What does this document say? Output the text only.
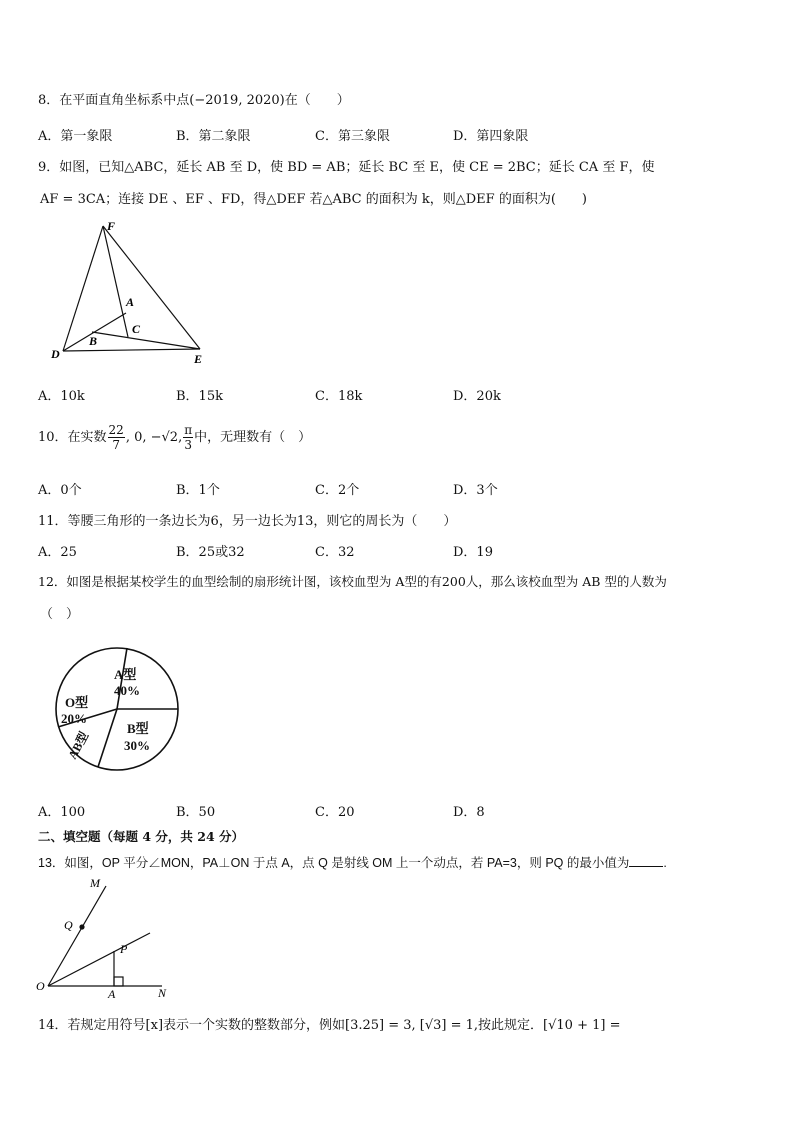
8．在平面直角坐标系中点(−2019, 2020)在（　　）
A．第一象限	B．第二象限	C．第三象限	D．第四象限
9．如图，已知△ABC，延长 AB 至 D，使 BD = AB；延长 BC 至 E，使 CE = 2BC；延长 CA 至 F，使
AF = 3CA；连接 DE 、EF 、FD，得△DEF 若△ABC 的面积为 k，则△DEF 的面积为(　　)
F
A
C
B
D	E
A．10k	B．15k	C．18k	D．20k
10．在实数 $\frac{22}{7}$ , 0, −√2, $\frac{\pi}{3}$ 中，无理数有（　）
A．0个	B．1个	C．2个	D．3个
11．等腰三角形的一条边长为6，另一边长为13，则它的周长为（　　）
A．25	B．25或32	C．32	D．19
12．如图是根据某校学生的血型绘制的扇形统计图，该校血型为 A型的有200人，那么该校血型为 AB 型的人数为
（　）
A型
40%
B型
30%
O型
20%
AB型
A．100	B．50	C．20	D．8
二、填空题（每题 4 分，共 24 分）
13．如图，OP 平分∠MON，PA⊥ON 于点 A，点 Q 是射线 OM 上一个动点，若 PA=3，则 PQ 的最小值为	.
M
Q
P
O
A	N
14．若规定用符号[x]表示一个实数的整数部分，例如[3.25] = 3, [√3] = 1,按此规定．[√10 + 1] =
